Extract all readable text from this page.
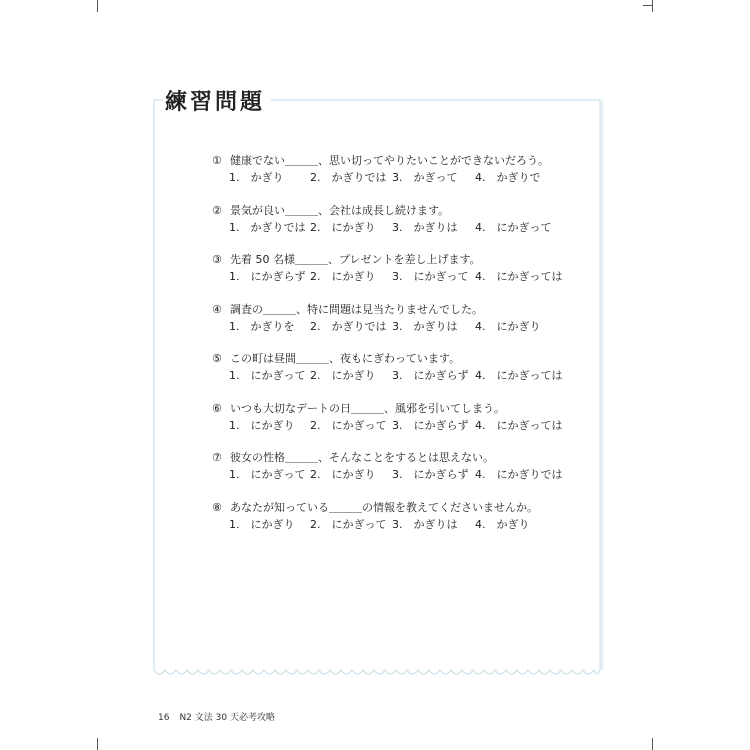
練習問題
① 健康でない＿＿＿、思い切ってやりたいことができないだろう。
1.　かぎり 2.　かぎりでは 3.　かぎって 4.　かぎりで
② 景気が良い＿＿＿、会社は成長し続けます。
1.　かぎりでは 2.　にかぎり 3.　かぎりは 4.　にかぎって
③ 先着 50 名様＿＿＿、プレゼントを差し上げます。
1.　にかぎらず 2.　にかぎり 3.　にかぎって 4.　にかぎっては
④ 調査の＿＿＿、特に問題は見当たりませんでした。
1.　かぎりを 2.　かぎりでは 3.　かぎりは 4.　にかぎり
⑤ この町は昼間＿＿＿、夜もにぎわっています。
1.　にかぎって 2.　にかぎり 3.　にかぎらず 4.　にかぎっては
⑥ いつも大切なデートの日＿＿＿、風邪を引いてしまう。
1.　にかぎり 2.　にかぎって 3.　にかぎらず 4.　にかぎっては
⑦ 彼女の性格＿＿＿、そんなことをするとは思えない。
1.　にかぎって 2.　にかぎり 3.　にかぎらず 4.　にかぎりでは
⑧ あなたが知っている＿＿＿の情報を教えてくださいませんか。
1.　にかぎり 2.　にかぎって 3.　かぎりは 4.　かぎり
16 N2 文法 30 天必考攻略
